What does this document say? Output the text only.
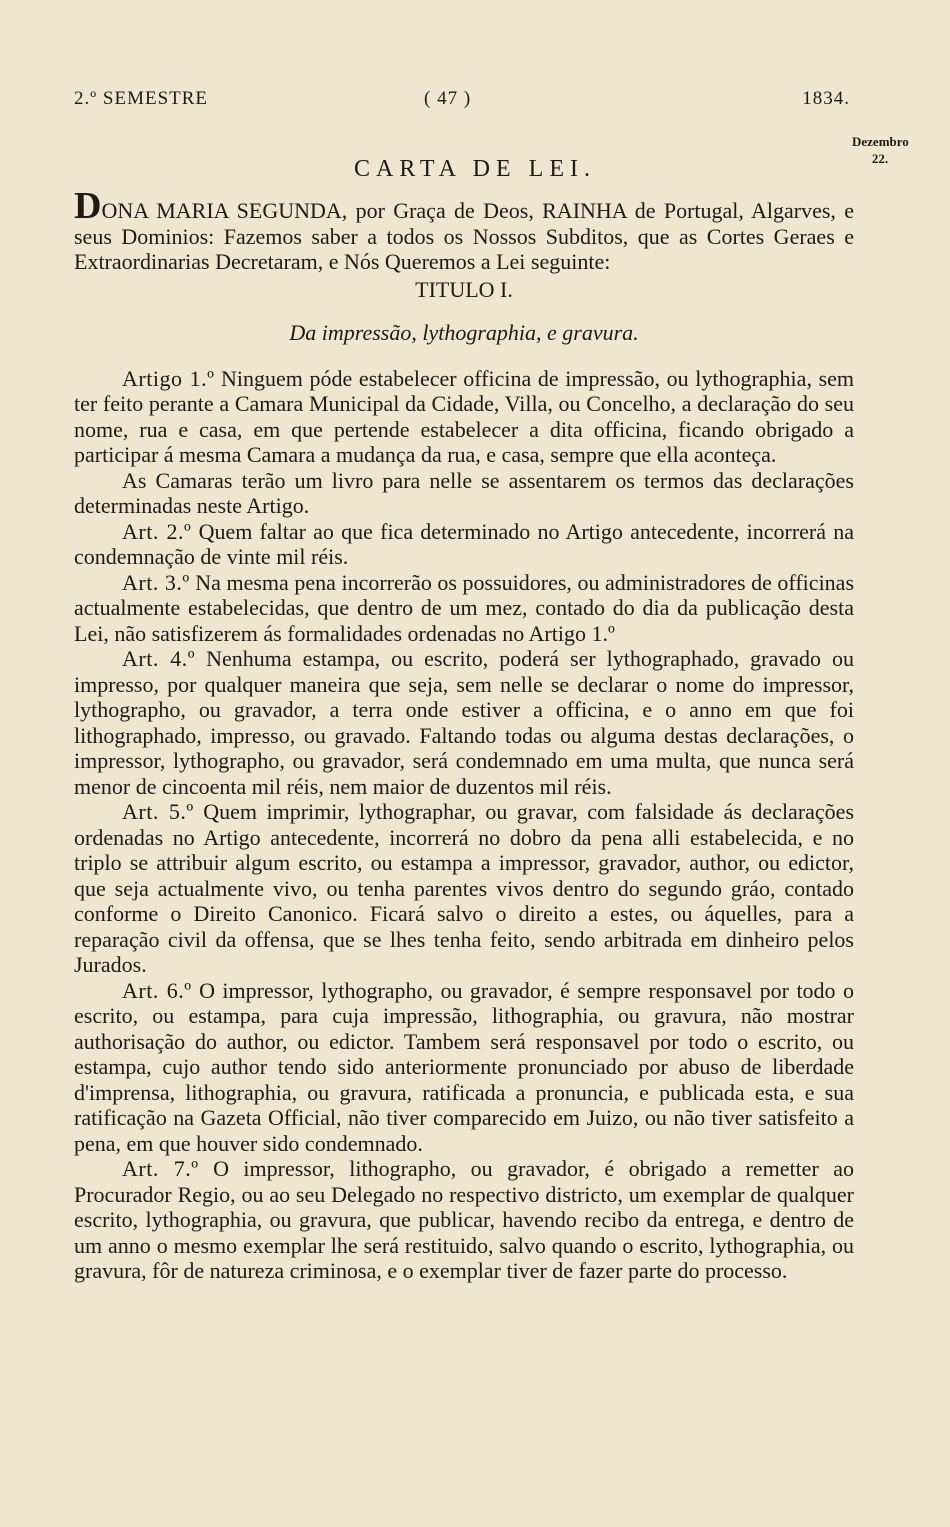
2.º SEMESTRE	( 47 )	1834.
Dezembro
22.
CARTA DE LEI.

DONA MARIA SEGUNDA, por Graça de Deos, RAINHA de Portugal, Algarves, e seus Dominios: Fazemos saber a todos os Nossos Subditos, que as Cortes Geraes e Extraordinarias Decretaram, e Nós Queremos a Lei seguinte:

TITULO I.

Da impressão, lythographia, e gravura.

Artigo 1.º Ninguem póde estabelecer officina de impressão, ou lythographia, sem ter feito perante a Camara Municipal da Cidade, Villa, ou Concelho, a declaração do seu nome, rua e casa, em que pertende estabelecer a dita officina, ficando obrigado a participar á mesma Camara a mudança da rua, e casa, sempre que ella aconteça.

As Camaras terão um livro para nelle se assentarem os termos das declarações determinadas neste Artigo.

Art. 2.º Quem faltar ao que fica determinado no Artigo antecedente, incorrerá na condemnação de vinte mil réis.

Art. 3.º Na mesma pena incorrerão os possuidores, ou administradores de officinas actualmente estabelecidas, que dentro de um mez, contado do dia da publicação desta Lei, não satisfizerem ás formalidades ordenadas no Artigo 1.º

Art. 4.º Nenhuma estampa, ou escrito, poderá ser lythographado, gravado ou impresso, por qualquer maneira que seja, sem nelle se declarar o nome do impressor, lythographo, ou gravador, a terra onde estiver a officina, e o anno em que foi lithographado, impresso, ou gravado. Faltando todas ou alguma destas declarações, o impressor, lythographo, ou gravador, será condemnado em uma multa, que nunca será menor de cincoenta mil réis, nem maior de duzentos mil réis.

Art. 5.º Quem imprimir, lythographar, ou gravar, com falsidade ás declarações ordenadas no Artigo antecedente, incorrerá no dobro da pena alli estabelecida, e no triplo se attribuir algum escrito, ou estampa a impressor, gravador, author, ou edictor, que seja actualmente vivo, ou tenha parentes vivos dentro do segundo gráo, contado conforme o Direito Canonico. Ficará salvo o direito a estes, ou áquelles, para a reparação civil da offensa, que se lhes tenha feito, sendo arbitrada em dinheiro pelos Jurados.

Art. 6.º O impressor, lythographo, ou gravador, é sempre responsavel por todo o escrito, ou estampa, para cuja impressão, lithographia, ou gravura, não mostrar authorisação do author, ou edictor. Tambem será responsavel por todo o escrito, ou estampa, cujo author tendo sido anteriormente pronunciado por abuso de liberdade d'imprensa, lithographia, ou gravura, ratificada a pronuncia, e publicada esta, e sua ratificação na Gazeta Official, não tiver comparecido em Juizo, ou não tiver satisfeito a pena, em que houver sido condemnado.

Art. 7.º O impressor, lithographo, ou gravador, é obrigado a remetter ao Procurador Regio, ou ao seu Delegado no respectivo districto, um exemplar de qualquer escrito, lythographia, ou gravura, que publicar, havendo recibo da entrega, e dentro de um anno o mesmo exemplar lhe será restituido, salvo quando o escrito, lythographia, ou gravura, fôr de natureza criminosa, e o exemplar tiver de fazer parte do processo.
